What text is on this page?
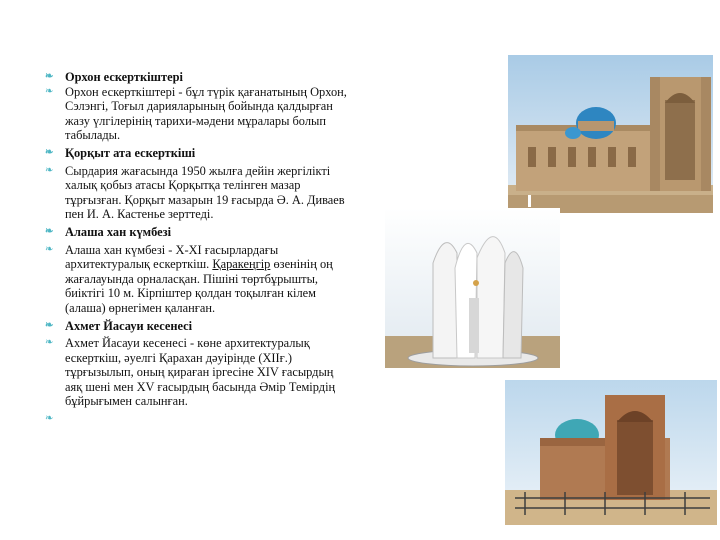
❧ Орхон ескерткіштері
❧ Орхон ескерткіштері - бұл түрік қағанатының Орхон, Сэлэнгі, Тоғыл дарияларының бойында қалдырған жазу үлгілерінің тарихи-мәдени мұралары болып табылады.
❧ Қорқыт ата ескерткіші
❧ Сырдария жағасында 1950 жылға дейін жергілікті халық қобыз атасы Қорқытқа телінген мазар тұрғызған. Қорқыт мазарын 19 ғасырда Ә. А. Диваев пен И. А. Кастенье зерттеді.
❧ Алаша хан күмбезі
❧ Алаша хан күмбезі - X-XI ғасырлардағы архитектуралық ескерткіш. Қаракеңгір өзенінің оң жағалауында орналасқан. Пішіні төртбұрышты, биіктігі 10 м. Кірпіштер қолдан тоқылған кілем (алаша) өрнегімен қаланған.
❧ Ахмет Йасауи кесенесі
❧ Ахмет Йасауи кесенесі - көне архитектуралық ескерткіш, әуелгі Қарахан дәуірінде (XIIғ.) тұрғызылып, оның қираған іргесіне XIV ғасырдың аяқ шені мен XV ғасырдың басында Әмір Темірдің бұйрығымен салынған.
❧
